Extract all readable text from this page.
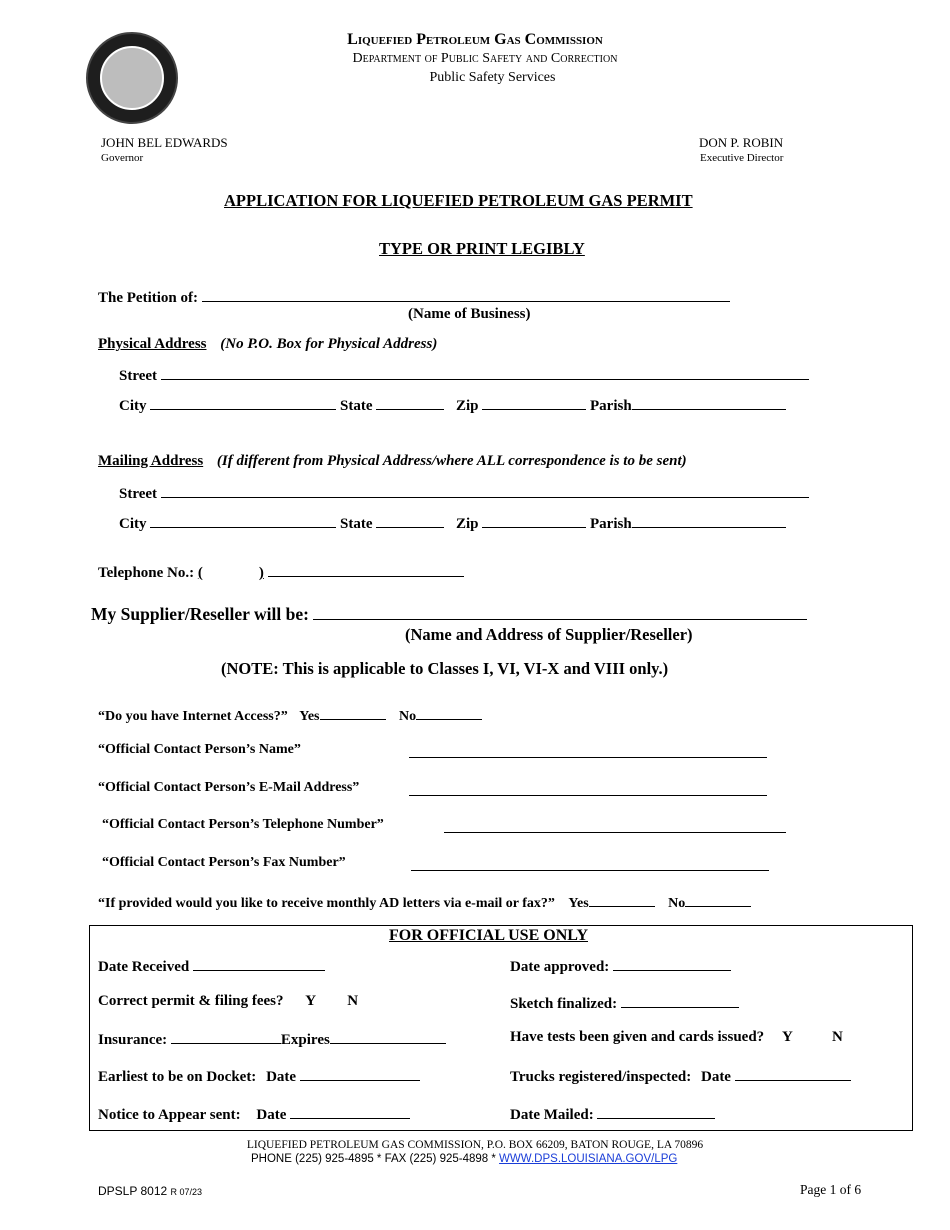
Liquefied Petroleum Gas Commission
Department of Public Safety and Correction
Public Safety Services
JOHN BEL EDWARDS
Governor
DON P. ROBIN
Executive Director
APPLICATION FOR LIQUEFIED PETROLEUM GAS PERMIT
TYPE OR PRINT LEGIBLY
The Petition of:
(Name of Business)
Physical Address (No P.O. Box for Physical Address)
Street
City	State	Zip	Parish
Mailing Address (If different from Physical Address/where ALL correspondence is to be sent)
Street
City	State	Zip	Parish
Telephone No.: (	)
My Supplier/Reseller will be:
(Name and Address of Supplier/Reseller)
(NOTE: This is applicable to Classes I, VI, VI-X and VIII only.)
“Do you have Internet Access?” Yes	No
“Official Contact Person’s Name”
“Official Contact Person’s E-Mail Address”
“Official Contact Person’s Telephone Number”
“Official Contact Person’s Fax Number”
“If provided would you like to receive monthly AD letters via e-mail or fax?” Yes	No
FOR OFFICIAL USE ONLY
Date Received	Date approved:
Correct permit & filing fees? Y N	Sketch finalized:
Insurance:	Expires	Have tests been given and cards issued? Y	N
Earliest to be on Docket: Date	Trucks registered/inspected: Date
Notice to Appear sent: Date	Date Mailed:
LIQUEFIED PETROLEUM GAS COMMISSION, P.O. BOX 66209, BATON ROUGE, LA 70896
PHONE (225) 925-4895 * FAX (225) 925-4898 * WWW.DPS.LOUISIANA.GOV/LPG
DPSLP 8012 R 07/23	Page 1 of 6
